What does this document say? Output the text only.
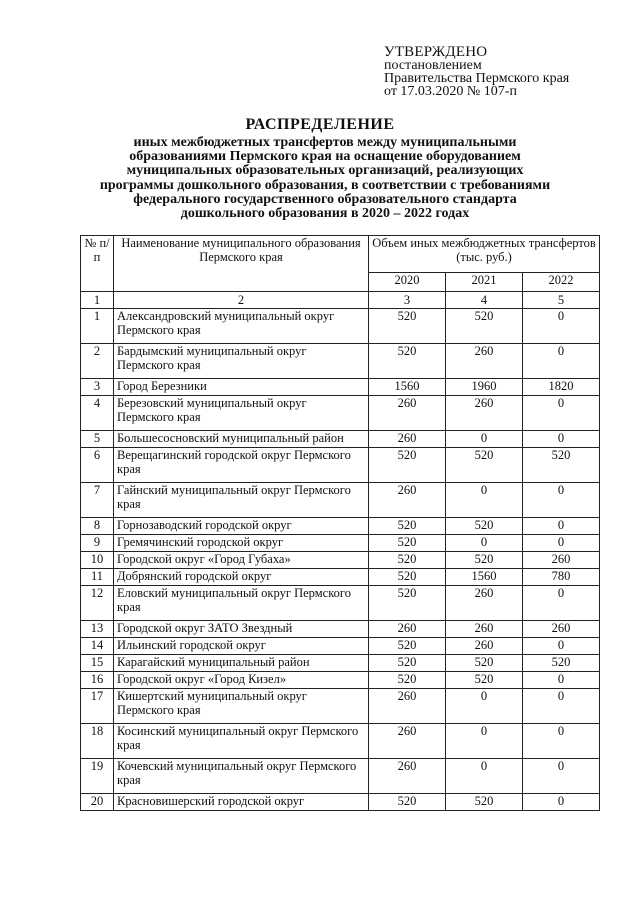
УТВЕРЖДЕНО
постановлением
Правительства Пермского края
от 17.03.2020 № 107-п
РАСПРЕДЕЛЕНИЕ
иных межбюджетных трансфертов между муниципальными
образованиями Пермского края на оснащение оборудованием
муниципальных образовательных организаций, реализующих
программы дошкольного образования, в соответствии с требованиями
федерального государственного образовательного стандарта
дошкольного образования в 2020 – 2022 годах
№ п/п	Наименование муниципального образования Пермского края	Объем иных межбюджетных трансфертов (тыс. руб.)		
		2020	2021	2022
1	2	3	4	5
1	Александровский муниципальный округ Пермского края	520	520	0
2	Бардымский муниципальный округ Пермского края	520	260	0
3	Город Березники	1560	1960	1820
4	Березовский муниципальный округ Пермского края	260	260	0
5	Большесосновский муниципальный район	260	0	0
6	Верещагинский городской округ Пермского края	520	520	520
7	Гайнский муниципальный округ Пермского края	260	0	0
8	Горнозаводский городской округ	520	520	0
9	Гремячинский городской округ	520	0	0
10	Городской округ «Город Губаха»	520	520	260
11	Добрянский городской округ	520	1560	780
12	Еловский муниципальный округ Пермского края	520	260	0
13	Городской округ ЗАТО Звездный	260	260	260
14	Ильинский городской округ	520	260	0
15	Карагайский муниципальный район	520	520	520
16	Городской округ «Город Кизел»	520	520	0
17	Кишертский муниципальный округ Пермского края	260	0	0
18	Косинский муниципальный округ Пермского края	260	0	0
19	Кочевский муниципальный округ Пермского края	260	0	0
20	Красновишерский городской округ	520	520	0
